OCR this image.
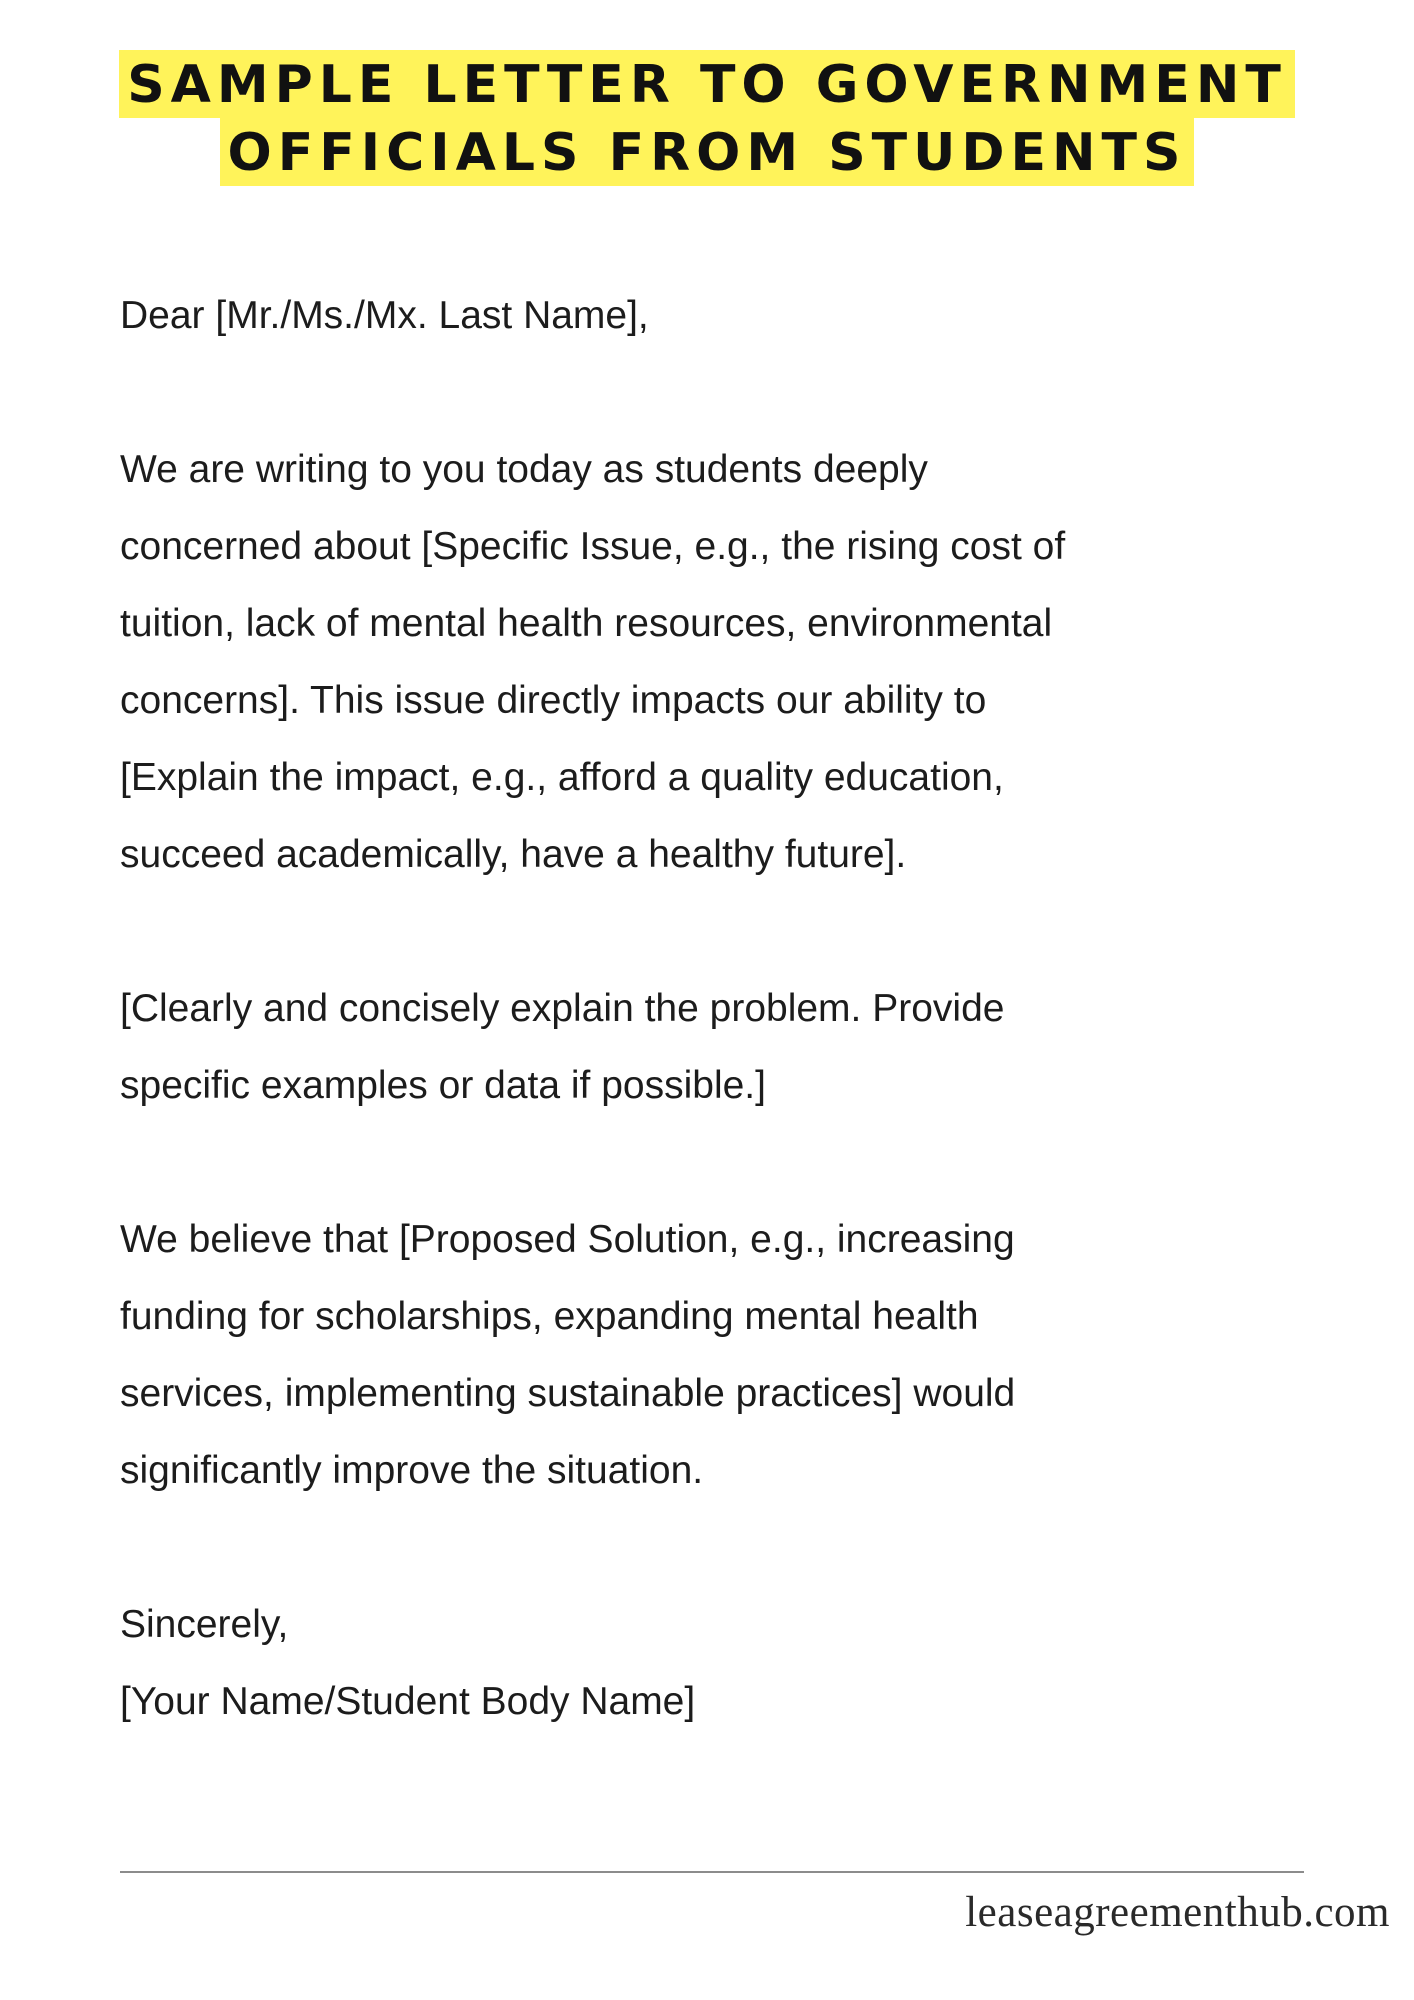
SAMPLE LETTER TO GOVERNMENT
OFFICIALS FROM STUDENTS

Dear [Mr./Ms./Mx. Last Name],

We are writing to you today as students deeply
concerned about [Specific Issue, e.g., the rising cost of
tuition, lack of mental health resources, environmental
concerns]. This issue directly impacts our ability to
[Explain the impact, e.g., afford a quality education,
succeed academically, have a healthy future].

[Clearly and concisely explain the problem. Provide
specific examples or data if possible.]

We believe that [Proposed Solution, e.g., increasing
funding for scholarships, expanding mental health
services, implementing sustainable practices] would
significantly improve the situation.

Sincerely,

[Your Name/Student Body Name]

leaseagreementhub.com
